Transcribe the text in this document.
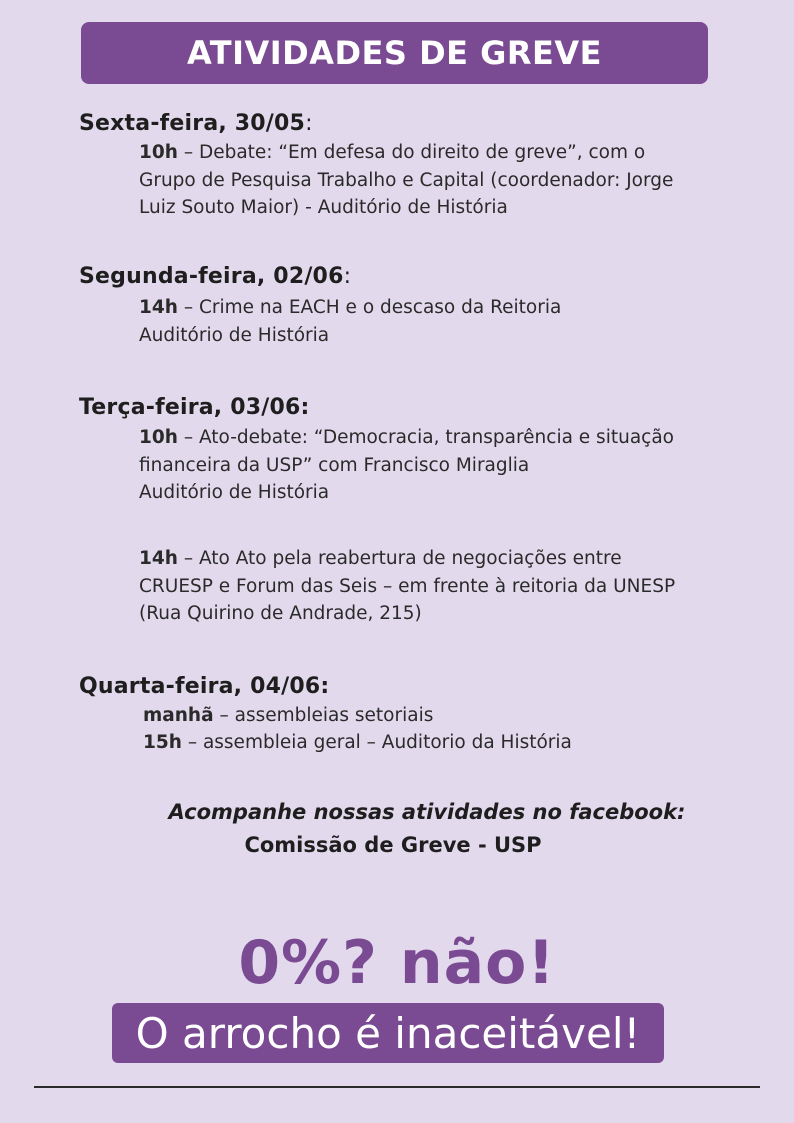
ATIVIDADES DE GREVE
Sexta-feira, 30/05:
10h – Debate: “Em defesa do direito de greve”, com o
Grupo de Pesquisa Trabalho e Capital (coordenador: Jorge
Luiz Souto Maior) - Auditório de História
Segunda-feira, 02/06:
14h – Crime na EACH e o descaso da Reitoria
Auditório de História
Terça-feira, 03/06:
10h – Ato-debate: “Democracia, transparência e situação
financeira da USP” com Francisco Miraglia
Auditório de História
14h – Ato Ato pela reabertura de negociações entre
CRUESP e Forum das Seis – em frente à reitoria da UNESP
(Rua Quirino de Andrade, 215)
Quarta-feira, 04/06:
manhã – assembleias setoriais
15h – assembleia geral – Auditorio da História
Acompanhe nossas atividades no facebook:
Comissão de Greve - USP
0%? não!
O arrocho é inaceitável!
